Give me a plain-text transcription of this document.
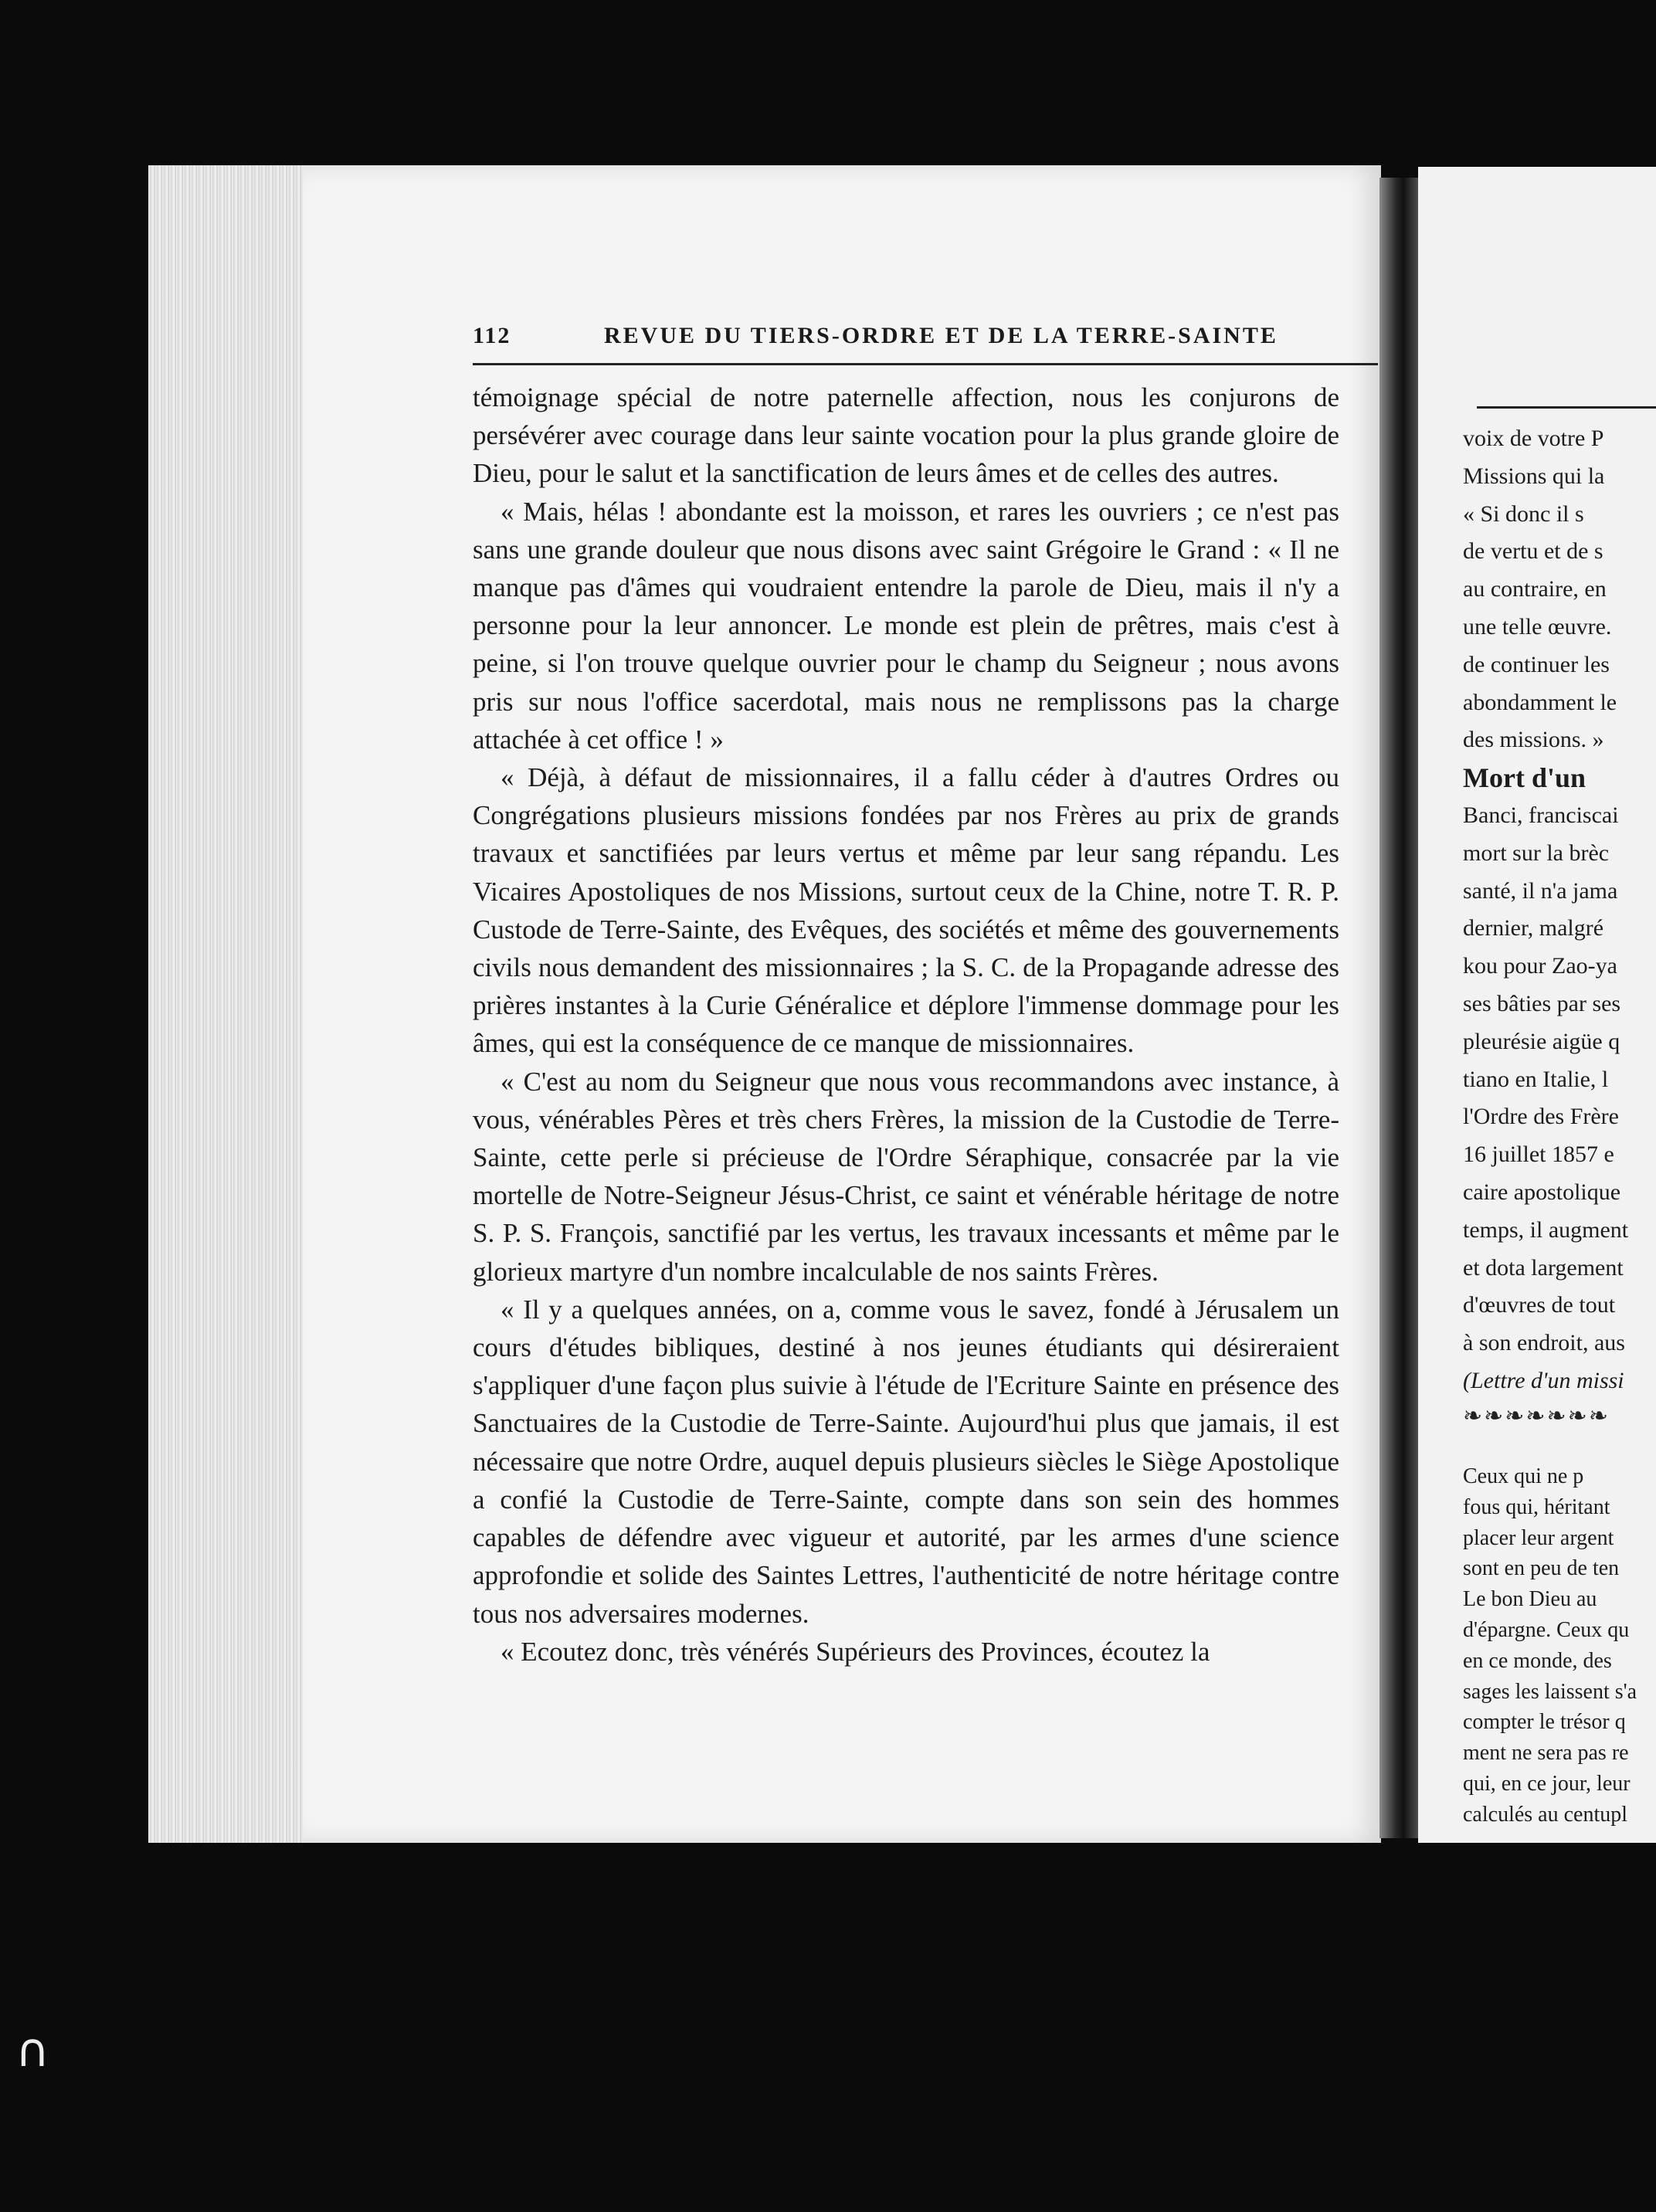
112	REVUE DU TIERS-ORDRE ET DE LA TERRE-SAINTE

témoignage spécial de notre paternelle affection, nous les conjurons de persévérer avec courage dans leur sainte vocation pour la plus grande gloire de Dieu, pour le salut et la sanctification de leurs âmes et de celles des autres.

« Mais, hélas ! abondante est la moisson, et rares les ouvriers ; ce n'est pas sans une grande douleur que nous disons avec saint Grégoire le Grand : « Il ne manque pas d'âmes qui voudraient entendre la parole de Dieu, mais il n'y a personne pour la leur annoncer. Le monde est plein de prêtres, mais c'est à peine, si l'on trouve quelque ouvrier pour le champ du Seigneur ; nous avons pris sur nous l'office sacerdotal, mais nous ne remplissons pas la charge attachée à cet office ! »

« Déjà, à défaut de missionnaires, il a fallu céder à d'autres Ordres ou Congrégations plusieurs missions fondées par nos Frères au prix de grands travaux et sanctifiées par leurs vertus et même par leur sang répandu. Les Vicaires Apostoliques de nos Missions, surtout ceux de la Chine, notre T. R. P. Custode de Terre-Sainte, des Evêques, des sociétés et même des gouvernements civils nous demandent des missionnaires ; la S. C. de la Propagande adresse des prières instantes à la Curie Généralice et déplore l'immense dommage pour les âmes, qui est la conséquence de ce manque de missionnaires.

« C'est au nom du Seigneur que nous vous recommandons avec instance, à vous, vénérables Pères et très chers Frères, la mission de la Custodie de Terre-Sainte, cette perle si précieuse de l'Ordre Séraphique, consacrée par la vie mortelle de Notre-Seigneur Jésus-Christ, ce saint et vénérable héritage de notre S. P. S. François, sanctifié par les vertus, les travaux incessants et même par le glorieux martyre d'un nombre incalculable de nos saints Frères.

« Il y a quelques années, on a, comme vous le savez, fondé à Jérusalem un cours d'études bibliques, destiné à nos jeunes étudiants qui désireraient s'appliquer d'une façon plus suivie à l'étude de l'Ecriture Sainte en présence des Sanctuaires de la Custodie de Terre-Sainte. Aujourd'hui plus que jamais, il est nécessaire que notre Ordre, auquel depuis plusieurs siècles le Siège Apostolique a confié la Custodie de Terre-Sainte, compte dans son sein des hommes capables de défendre avec vigueur et autorité, par les armes d'une science approfondie et solide des Saintes Lettres, l'authenticité de notre héritage contre tous nos adversaires modernes.

« Ecoutez donc, très vénérés Supérieurs des Provinces, écoutez la

voix de votre P
Missions qui la
« Si donc il s
de vertu et de s
au contraire, en
une telle œuvre.
de continuer les
abondamment le
des missions. »
Mort d'un
Banci, franciscai
mort sur la brèc
santé, il n'a jama
dernier, malgré
kou pour Zao-ya
ses bâties par ses
pleurésie aigüe q
tiano en Italie, l
l'Ordre des Frère
16 juillet 1857 e
caire apostolique
temps, il augment
et dota largement
d'œuvres de tout
à son endroit, aus
(Lettre d'un missi
❧❧❧❧❧❧❧
Ceux qui ne p
fous qui, héritant
placer leur argent
sont en peu de ten
Le bon Dieu au
d'épargne. Ceux qu
en ce monde, des
sages les laissent s'a
compter le trésor q
ment ne sera pas re
qui, en ce jour, leur
calculés au centupl
∩
